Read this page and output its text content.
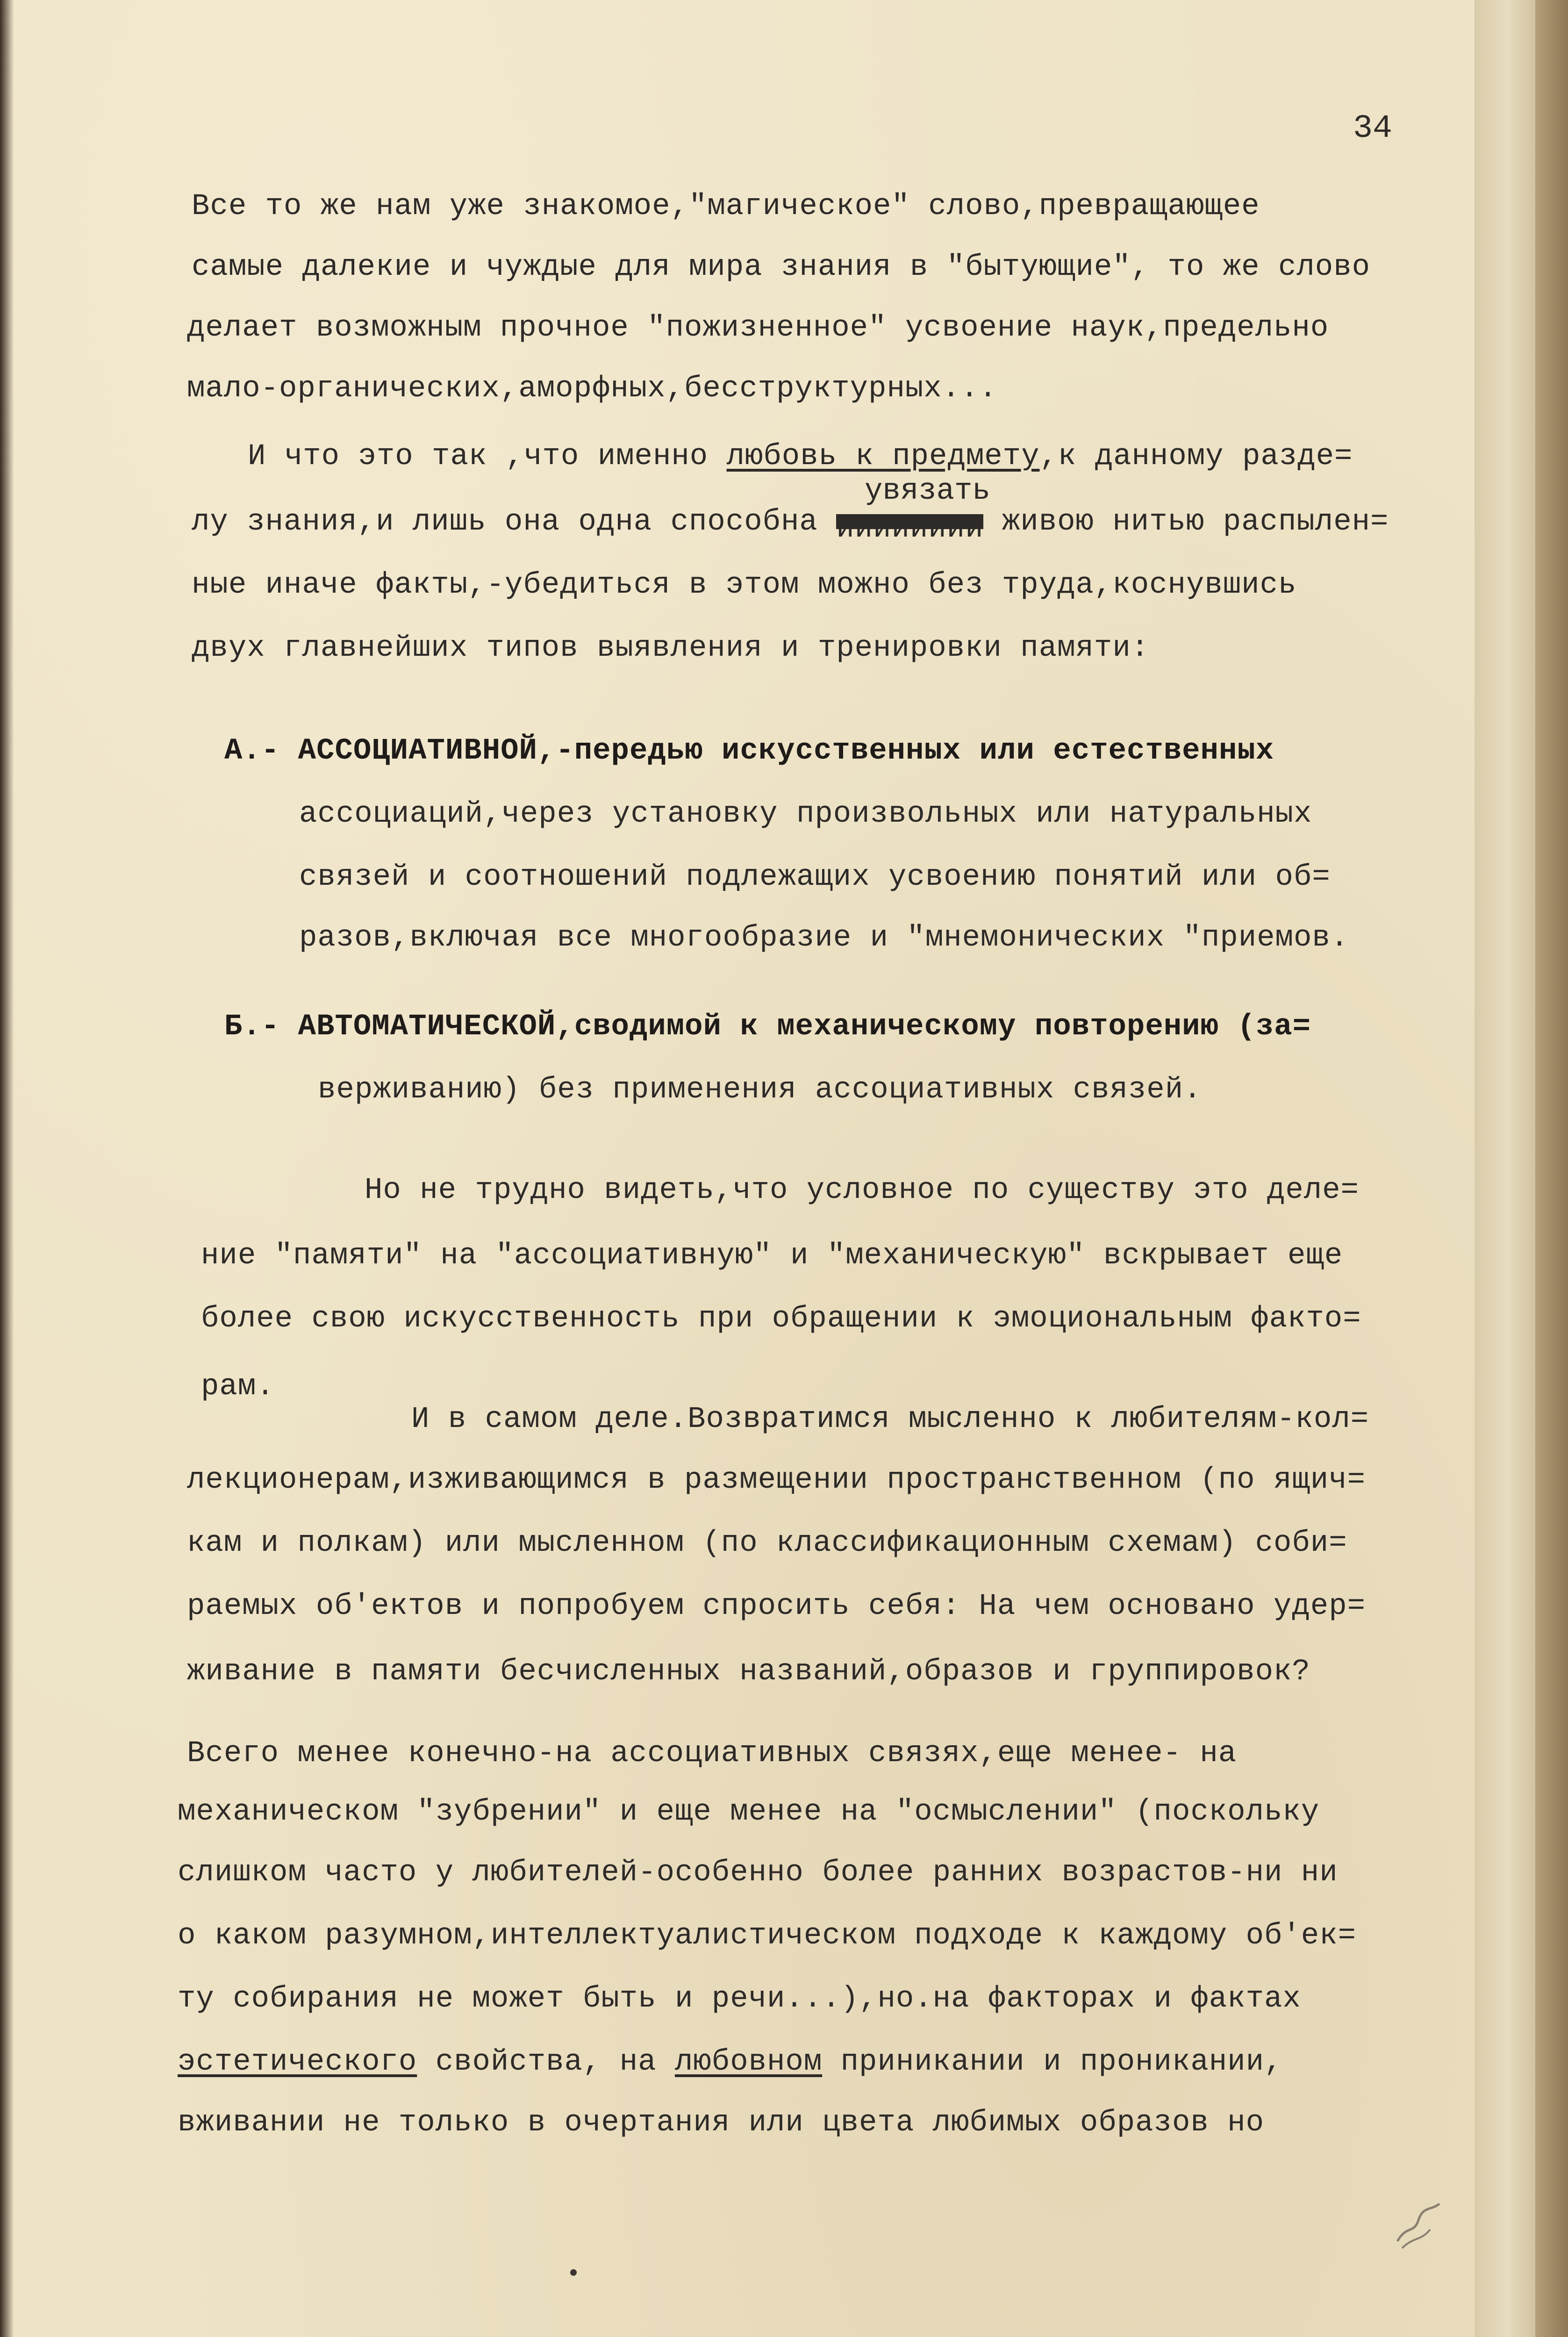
34
увязать
Все то же нам уже знакомое,"магическое" слово,превращающее
самые далекие и чуждые для мира знания в "бытующие", то же слово
делает возможным прочное "пожизненное" усвоение наук,предельно
мало-органических,аморфных,бесструктурных...
И что это так ,что именно любовь к предмету,к данному разде=
лу знания,и лишь она одна способна ииииииии живою нитью распылен=
ные иначе факты,-убедиться в этом можно без труда,коснувшись
двух главнейших типов выявления и тренировки памяти:
А.- АССОЦИАТИВНОЙ,-передью искусственных или естественных
ассоциаций,через установку произвольных или натуральных
связей и соотношений подлежащих усвоению понятий или об=
разов,включая все многообразие и "мнемонических "приемов.
Б.- АВТОМАТИЧЕСКОЙ,сводимой к механическому повторению (за=
верживанию) без применения ассоциативных связей.
Но не трудно видеть,что условное по существу это деле=
ние "памяти" на "ассоциативную" и "механическую" вскрывает еще
более свою искусственность при обращении к эмоциональным факто=
рам.
И в самом деле.Возвратимся мысленно к любителям-кол=
лекционерам,изживающимся в размещении пространственном (по ящич=
кам и полкам) или мысленном (по классификационным схемам) соби=
раемых об'ектов и попробуем спросить себя: На чем основано удер=
живание в памяти бесчисленных названий,образов и группировок?
Всего менее конечно-на ассоциативных связях,еще менее- на
механическом "зубрении" и еще менее на "осмыслении" (поскольку
слишком часто у любителей-особенно более ранних возрастов-ни ни
о каком разумном,интеллектуалистическом подходе к каждому об'ек=
ту собирания не может быть и речи...),но.на факторах и фактах
эстетического свойства, на любовном приникании и проникании,
вживании не только в очертания или цвета любимых образов но
